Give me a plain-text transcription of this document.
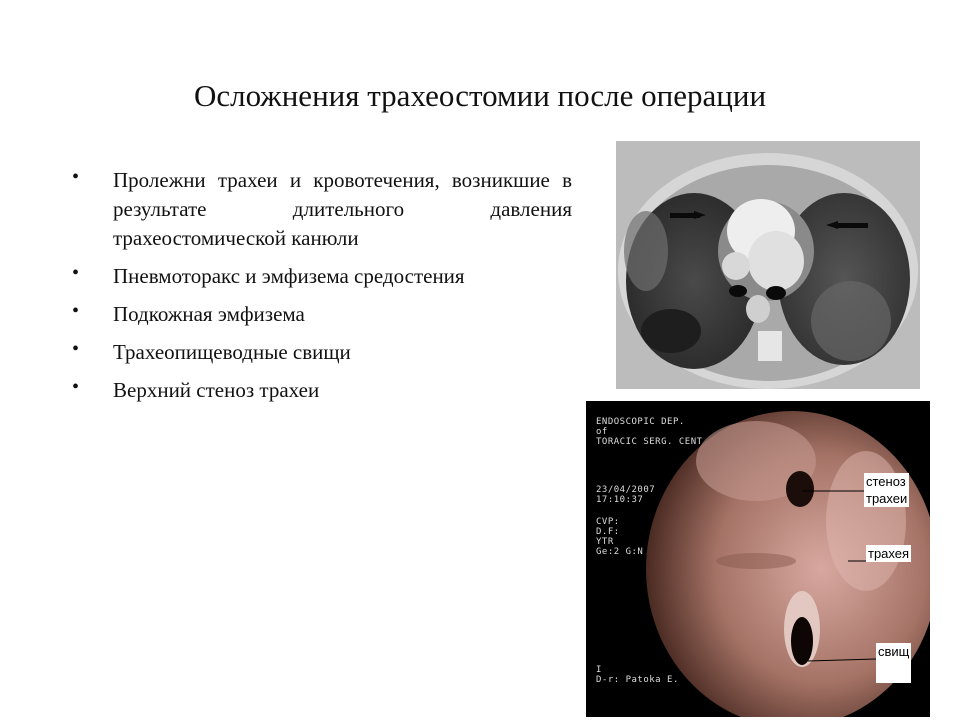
Осложнения трахеостомии после операции
• Пролежни трахеи и кровотечения, возникшие в результате длительного давления трахеостомической канюли
• Пневмоторакс и эмфизема средостения
• Подкожная эмфизема
• Трахеопищеводные свищи
• Верхний стеноз трахеи
ENDOSCOPIC DEP.
of
TORACIC SERG. CENT
23/04/2007
17:10:37
CVP:
D.F:
YTR
Ge:2 G:N
I
D-r: Patoka E.
стеноз
трахеи
трахея
свищ
